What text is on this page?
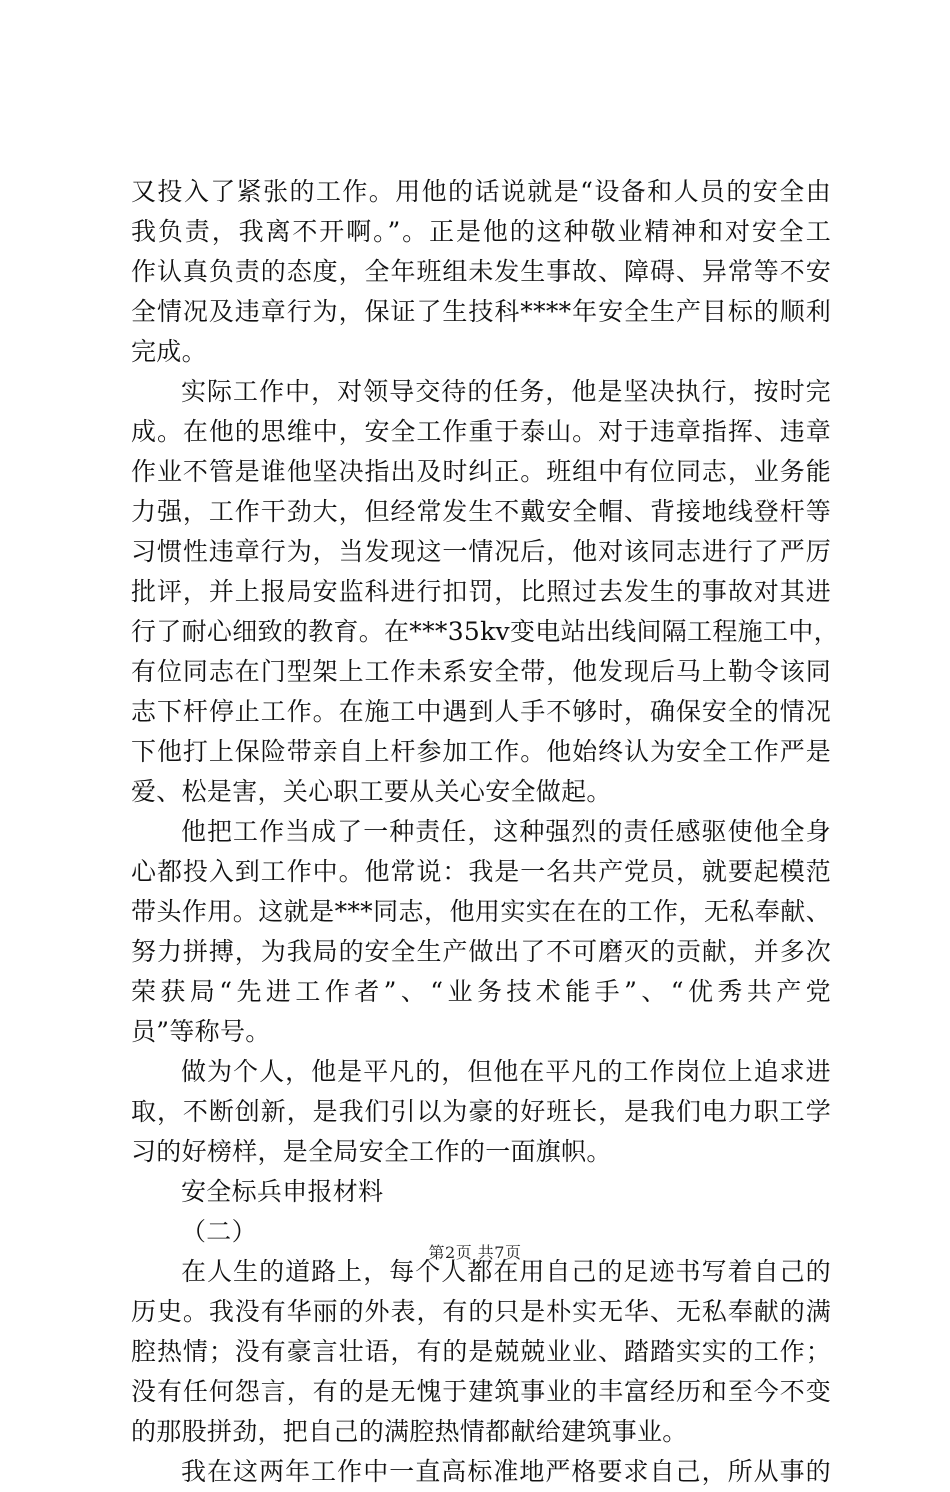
又投入了紧张的工作。用他的话说就是“设备和人员的安全由
我负责，我离不开啊。”。正是他的这种敬业精神和对安全工
作认真负责的态度，全年班组未发生事故、障碍、异常等不安
全情况及违章行为，保证了生技科****年安全生产目标的顺利
完成。
实际工作中，对领导交待的任务，他是坚决执行，按时完
成。在他的思维中，安全工作重于泰山。对于违章指挥、违章
作业不管是谁他坚决指出及时纠正。班组中有位同志，业务能
力强，工作干劲大，但经常发生不戴安全帽、背接地线登杆等
习惯性违章行为，当发现这一情况后，他对该同志进行了严厉
批评，并上报局安监科进行扣罚，比照过去发生的事故对其进
行了耐心细致的教育。在***35kv变电站出线间隔工程施工中，
有位同志在门型架上工作未系安全带，他发现后马上勒令该同
志下杆停止工作。在施工中遇到人手不够时，确保安全的情况
下他打上保险带亲自上杆参加工作。他始终认为安全工作严是
爱、松是害，关心职工要从关心安全做起。
他把工作当成了一种责任，这种强烈的责任感驱使他全身
心都投入到工作中。他常说：我是一名共产党员，就要起模范
带头作用。这就是***同志，他用实实在在的工作，无私奉献、
努力拼搏，为我局的安全生产做出了不可磨灭的贡献，并多次
荣获局“先进工作者”、“业务技术能手”、“优秀共产党
员”等称号。
做为个人，他是平凡的，但他在平凡的工作岗位上追求进
取，不断创新，是我们引以为豪的好班长，是我们电力职工学
习的好榜样，是全局安全工作的一面旗帜。
安全标兵申报材料
（二）
在人生的道路上，每个人都在用自己的足迹书写着自己的
历史。我没有华丽的外表，有的只是朴实无华、无私奉献的满
腔热情；没有豪言壮语，有的是兢兢业业、踏踏实实的工作；
没有任何怨言，有的是无愧于建筑事业的丰富经历和至今不变
的那股拼劲，把自己的满腔热情都献给建筑事业。
我在这两年工作中一直高标准地严格要求自己，所从事的
第2页 共7页
